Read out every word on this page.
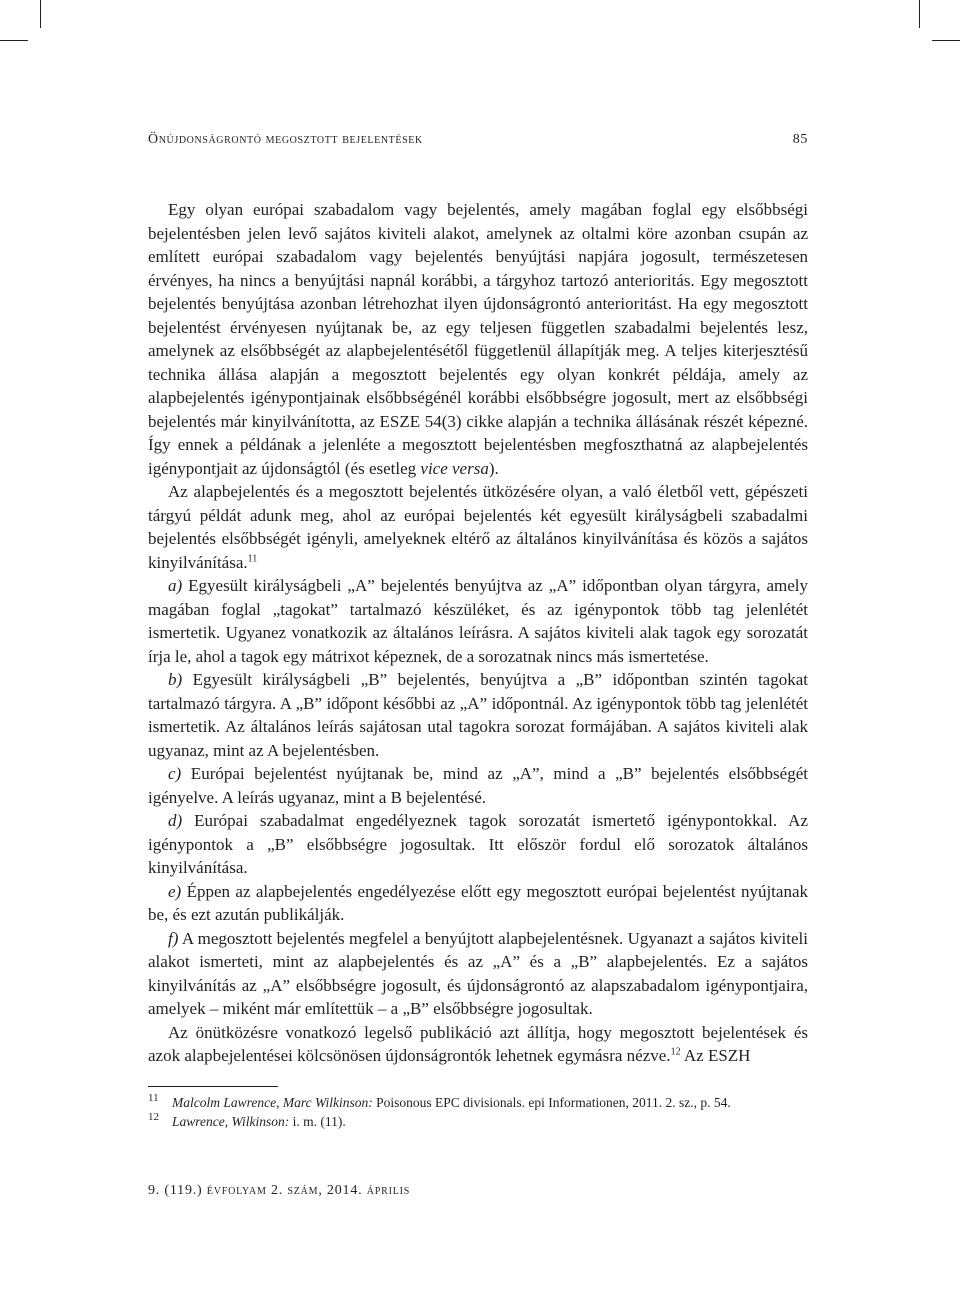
Önújdonságrontó megosztott bejelentések	85

Egy olyan európai szabadalom vagy bejelentés, amely magában foglal egy elsőbbségi bejelentésben jelen levő sajátos kiviteli alakot, amelynek az oltalmi köre azonban csupán az említett európai szabadalom vagy bejelentés benyújtási napjára jogosult, természetesen érvényes, ha nincs a benyújtási napnál korábbi, a tárgyhoz tartozó anterioritás. Egy megosztott bejelentés benyújtása azonban létrehozhat ilyen újdonságrontó anterioritást. Ha egy megosztott bejelentést érvényesen nyújtanak be, az egy teljesen független szabadalmi bejelentés lesz, amelynek az elsőbbségét az alapbejelentésétől függetlenül állapítják meg. A teljes kiterjesztésű technika állása alapján a megosztott bejelentés egy olyan konkrét példája, amely az alapbejelentés igénypontjainak elsőbbségénél korábbi elsőbbségre jogosult, mert az elsőbbségi bejelentés már kinyilvánította, az ESZE 54(3) cikke alapján a technika állásának részét képezné. Így ennek a példának a jelenléte a megosztott bejelentésben megfoszthatná az alapbejelentés igénypontjait az újdonságtól (és esetleg vice versa).

Az alapbejelentés és a megosztott bejelentés ütközésére olyan, a való életből vett, gépészeti tárgyú példát adunk meg, ahol az európai bejelentés két egyesült királyságbeli szabadalmi bejelentés elsőbbségét igényli, amelyeknek eltérő az általános kinyilvánítása és közös a sajátos kinyilvánítása.$^{11}$

a) Egyesült királyságbeli „A” bejelentés benyújtva az „A” időpontban olyan tárgyra, amely magában foglal „tagokat” tartalmazó készüléket, és az igénypontok több tag jelenlétét ismertetik. Ugyanez vonatkozik az általános leírásra. A sajátos kiviteli alak tagok egy sorozatát írja le, ahol a tagok egy mátrixot képeznek, de a sorozatnak nincs más ismertetése.

b) Egyesült királyságbeli „B” bejelentés, benyújtva a „B” időpontban szintén tagokat tartalmazó tárgyra. A „B” időpont későbbi az „A” időpontnál. Az igénypontok több tag jelenlétét ismertetik. Az általános leírás sajátosan utal tagokra sorozat formájában. A sajátos kiviteli alak ugyanaz, mint az A bejelentésben.

c) Európai bejelentést nyújtanak be, mind az „A”, mind a „B” bejelentés elsőbbségét igényelve. A leírás ugyanaz, mint a B bejelentésé.

d) Európai szabadalmat engedélyeznek tagok sorozatát ismertető igénypontokkal. Az igénypontok a „B” elsőbbségre jogosultak. Itt először fordul elő sorozatok általános kinyilvánítása.

e) Éppen az alapbejelentés engedélyezése előtt egy megosztott európai bejelentést nyújtanak be, és ezt azután publikálják.

f) A megosztott bejelentés megfelel a benyújtott alapbejelentésnek. Ugyanazt a sajátos kiviteli alakot ismerteti, mint az alapbejelentés és az „A” és a „B” alapbejelentés. Ez a sajátos kinyilvánítás az „A” elsőbbségre jogosult, és újdonságrontó az alapszabadalom igénypontjaira, amelyek – miként már említettük – a „B” elsőbbségre jogosultak.

Az önütközésre vonatkozó legelső publikáció azt állítja, hogy megosztott bejelentések és azok alapbejelentései kölcsönösen újdonságrontók lehetnek egymásra nézve.$^{12}$ Az ESZH

11 Malcolm Lawrence, Marc Wilkinson: Poisonous EPC divisionals. epi Informationen, 2011. 2. sz., p. 54.
12 Lawrence, Wilkinson: i. m. (11).
9. (119.) évfolyam 2. szám, 2014. április
